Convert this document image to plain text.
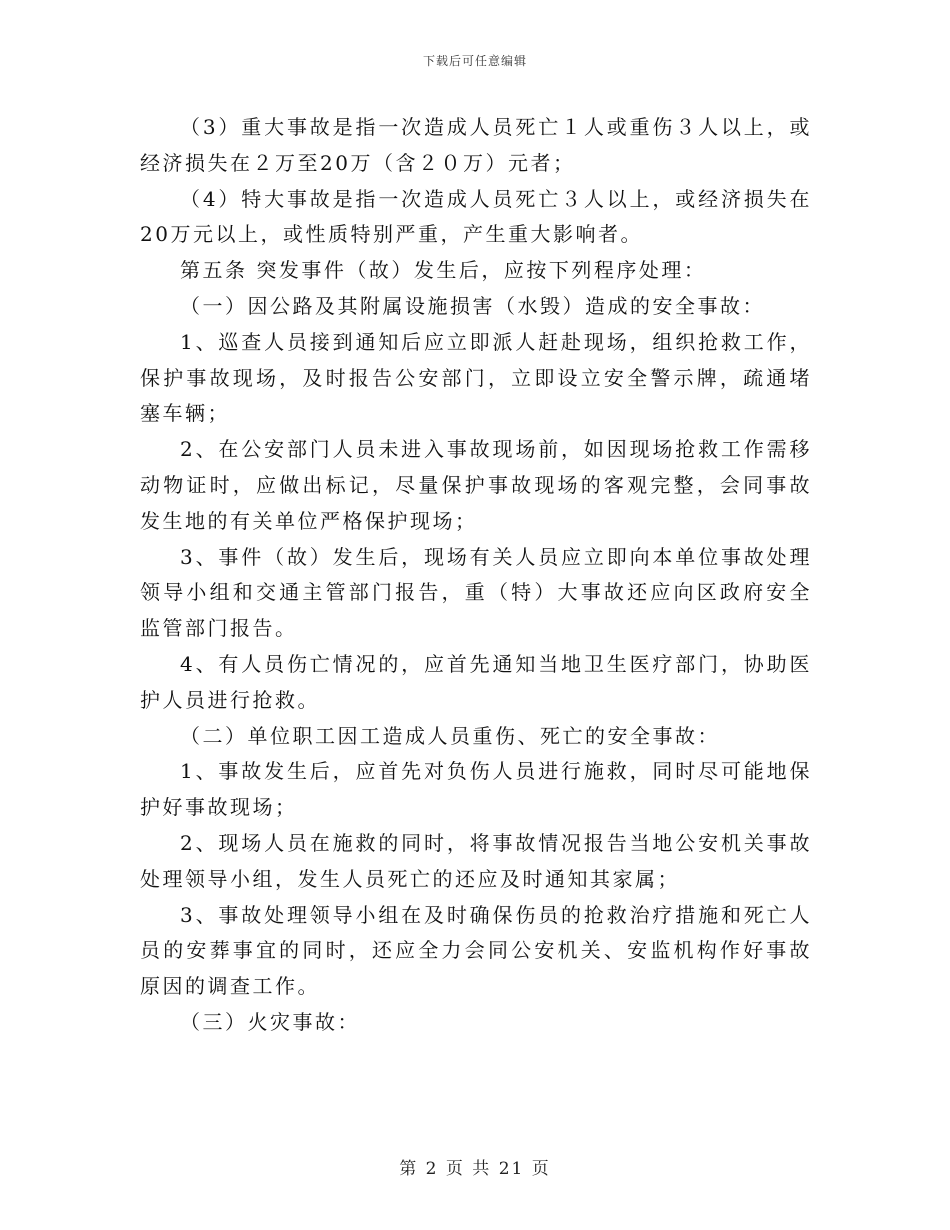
下载后可任意编辑

（3）重大事故是指一次造成人员死亡１人或重伤３人以上，或经济损失在２万至20万（含２０万）元者；

（4）特大事故是指一次造成人员死亡３人以上，或经济损失在20万元以上，或性质特别严重，产生重大影响者。

第五条 突发事件（故）发生后，应按下列程序处理：

（一）因公路及其附属设施损害（水毁）造成的安全事故：

1、巡查人员接到通知后应立即派人赶赴现场，组织抢救工作，保护事故现场，及时报告公安部门，立即设立安全警示牌，疏通堵塞车辆；

2、在公安部门人员未进入事故现场前，如因现场抢救工作需移动物证时，应做出标记，尽量保护事故现场的客观完整，会同事故发生地的有关单位严格保护现场；

3、事件（故）发生后，现场有关人员应立即向本单位事故处理领导小组和交通主管部门报告，重（特）大事故还应向区政府安全监管部门报告。

4、有人员伤亡情况的，应首先通知当地卫生医疗部门，协助医护人员进行抢救。

（二）单位职工因工造成人员重伤、死亡的安全事故：

1、事故发生后，应首先对负伤人员进行施救，同时尽可能地保护好事故现场；

2、现场人员在施救的同时，将事故情况报告当地公安机关事故处理领导小组，发生人员死亡的还应及时通知其家属；

3、事故处理领导小组在及时确保伤员的抢救治疗措施和死亡人员的安葬事宜的同时，还应全力会同公安机关、安监机构作好事故原因的调查工作。

（三）火灾事故：

第 2 页 共 21 页
